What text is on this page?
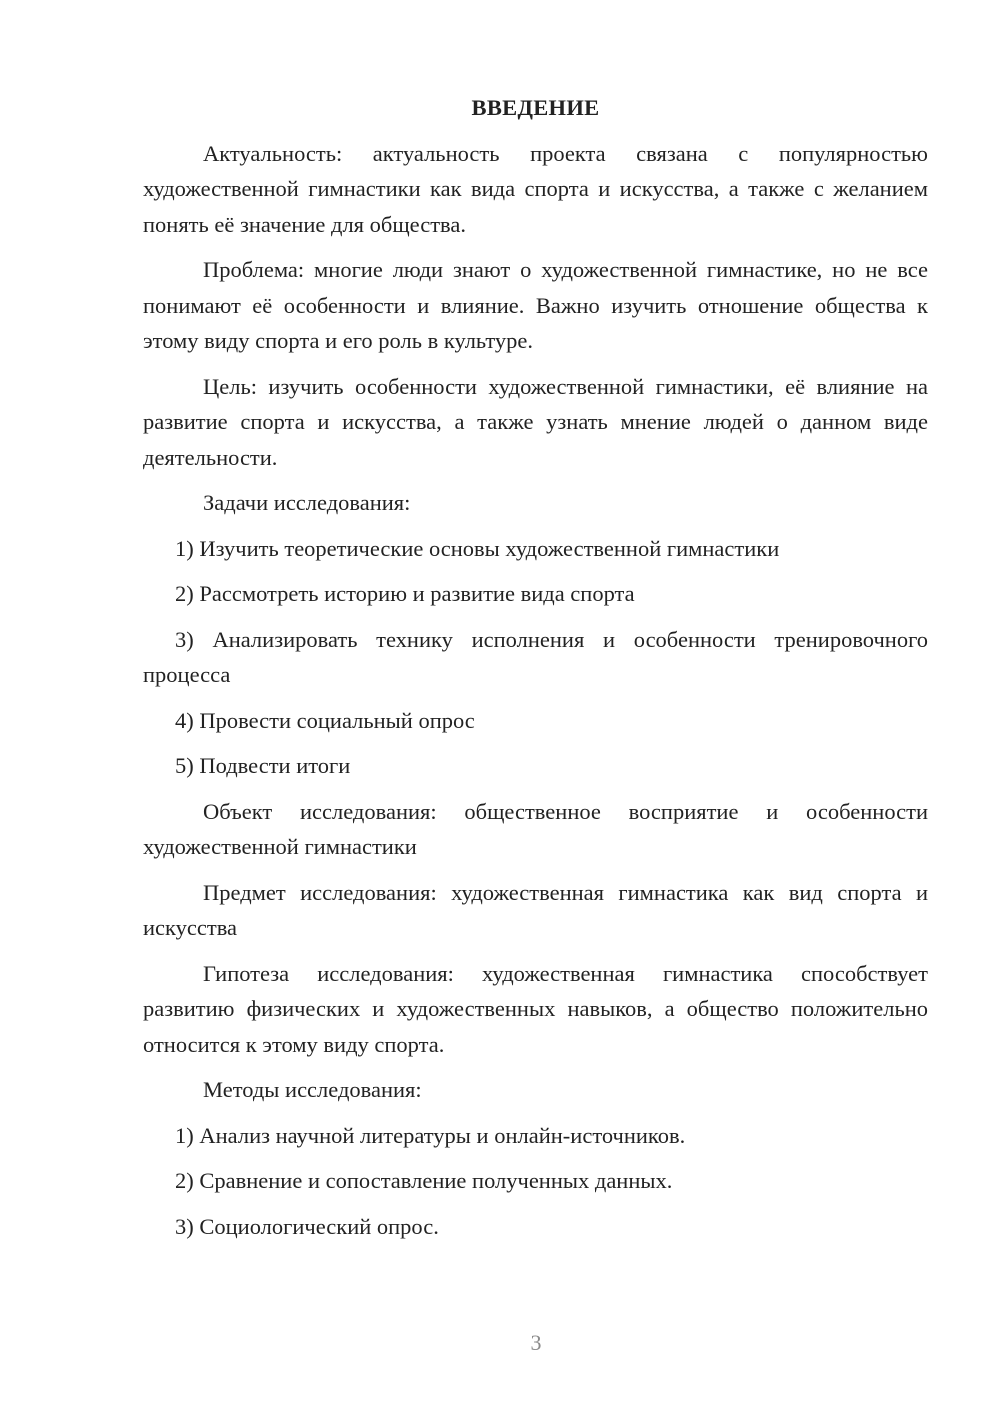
ВВЕДЕНИЕ

Актуальность: актуальность проекта связана с популярностью художественной гимнастики как вида спорта и искусства, а также с желанием понять её значение для общества.

Проблема: многие люди знают о художественной гимнастике, но не все понимают её особенности и влияние. Важно изучить отношение общества к этому виду спорта и его роль в культуре.

Цель: изучить особенности художественной гимнастики, её влияние на развитие спорта и искусства, а также узнать мнение людей о данном виде деятельности.

Задачи исследования:

1) Изучить теоретические основы художественной гимнастики

2) Рассмотреть историю и развитие вида спорта

3) Анализировать технику исполнения и особенности тренировочного процесса

4) Провести социальный опрос

5) Подвести итоги

Объект исследования: общественное восприятие и особенности художественной гимнастики

Предмет исследования: художественная гимнастика как вид спорта и искусства

Гипотеза исследования: художественная гимнастика способствует развитию физических и художественных навыков, а общество положительно относится к этому виду спорта.

Методы исследования:

1) Анализ научной литературы и онлайн-источников.

2) Сравнение и сопоставление полученных данных.

3) Социологический опрос.

3
